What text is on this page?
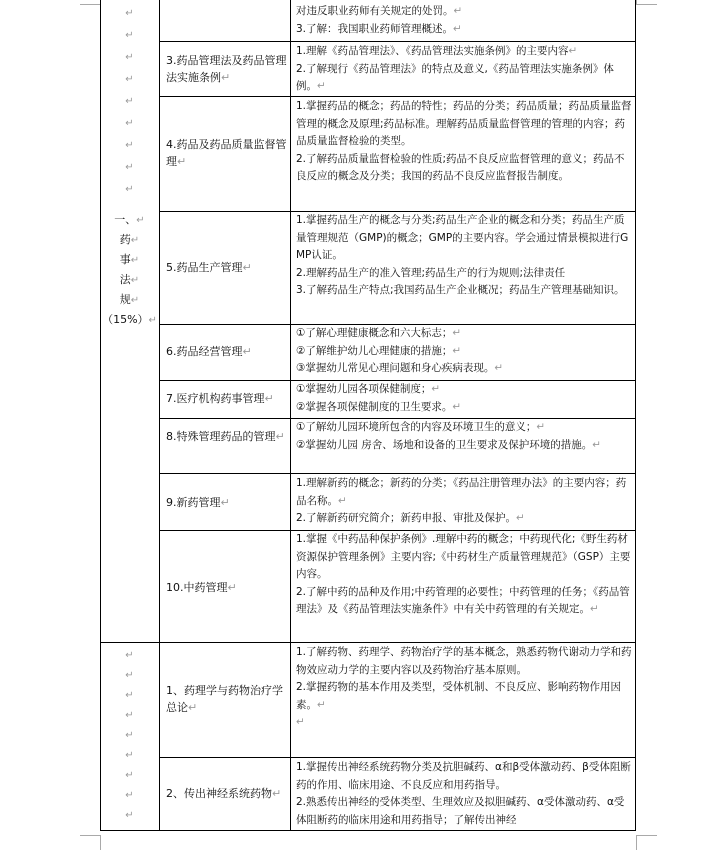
↵
↵
↵
↵
↵
↵
↵
↵
↵
一、↵
药↵
事↵
法↵
规↵
（15%）↵
↵
↵
↵
↵
↵
↵
↵
↵
↵

对违反职业药师有关规定的处罚。↵

3.了解：我国职业药师管理概述。↵

3.药品管理法及药品管理法实施条例↵

1.理解《药品管理法》、《药品管理法实施条例》的主要内容↵

2.了解现行《药品管理法》的特点及意义,《药品管理法实施条例》体例。↵

4.药品及药品质量监督管理↵

1.掌握药品的概念；药品的特性；药品的分类；药品质量；药品质量监督管理的概念及原理;药品标准。理解药品质量监督管理的管理的内容；药品质量监督检验的类型。

2.了解药品质量监督检验的性质;药品不良反应监督管理的意义；药品不良反应的概念及分类；我国的药品不良反应监督报告制度。

5.药品生产管理↵

1.掌握药品生产的概念与分类;药品生产企业的概念和分类；药品生产质量管理规范（GMP)的概念；GMP的主要内容。学会通过情景模拟进行GMP认证。

2.理解药品生产的准入管理;药品生产的行为规则;法律责任

3.了解药品生产特点;我国药品生产企业概况；药品生产管理基础知识。

6.药品经营管理↵

①了解心理健康概念和六大标志；↵

②了解维护幼儿心理健康的措施；↵

③掌握幼儿常见心理问题和身心疾病表现。↵

7.医疗机构药事管理↵

①掌握幼儿园各项保健制度；↵

②掌握各项保健制度的卫生要求。↵

8.特殊管理药品的管理↵

①了解幼儿园环境所包含的内容及环境卫生的意义；↵

②掌握幼儿园 房舍、场地和设备的卫生要求及保护环境的措施。↵

9.新药管理↵

1.理解新药的概念；新药的分类；《药品注册管理办法》的主要内容；药品名称。↵

2.了解新药研究简介；新药申报、审批及保护。↵

10.中药管理↵

1.掌握《中药品种保护条例》.理解中药的概念；中药现代化;《野生药材资源保护管理条例》主要内容;《中药材生产质量管理规范》（GSP）主要内容。

2.了解中药的品种及作用;中药管理的必要性；中药管理的任务；《药品管理法》及《药品管理法实施条件》中有关中药管理的有关规定。↵

1、药理学与药物治疗学总论↵

1.了解药物、药理学、药物治疗学的基本概念，熟悉药物代谢动力学和药物效应动力学的主要内容以及药物治疗基本原则。

2.掌握药物的基本作用及类型，受体机制、不良反应、影响药物作用因素。↵

↵

2、传出神经系统药物↵

1.掌握传出神经系统药物分类及抗胆碱药、α和β受体激动药、β受体阻断药的作用、临床用途、不良反应和用药指导。

2.熟悉传出神经的受体类型、生理效应及拟胆碱药、α受体激动药、α受体阻断药的临床用途和用药指导；了解传出神经
